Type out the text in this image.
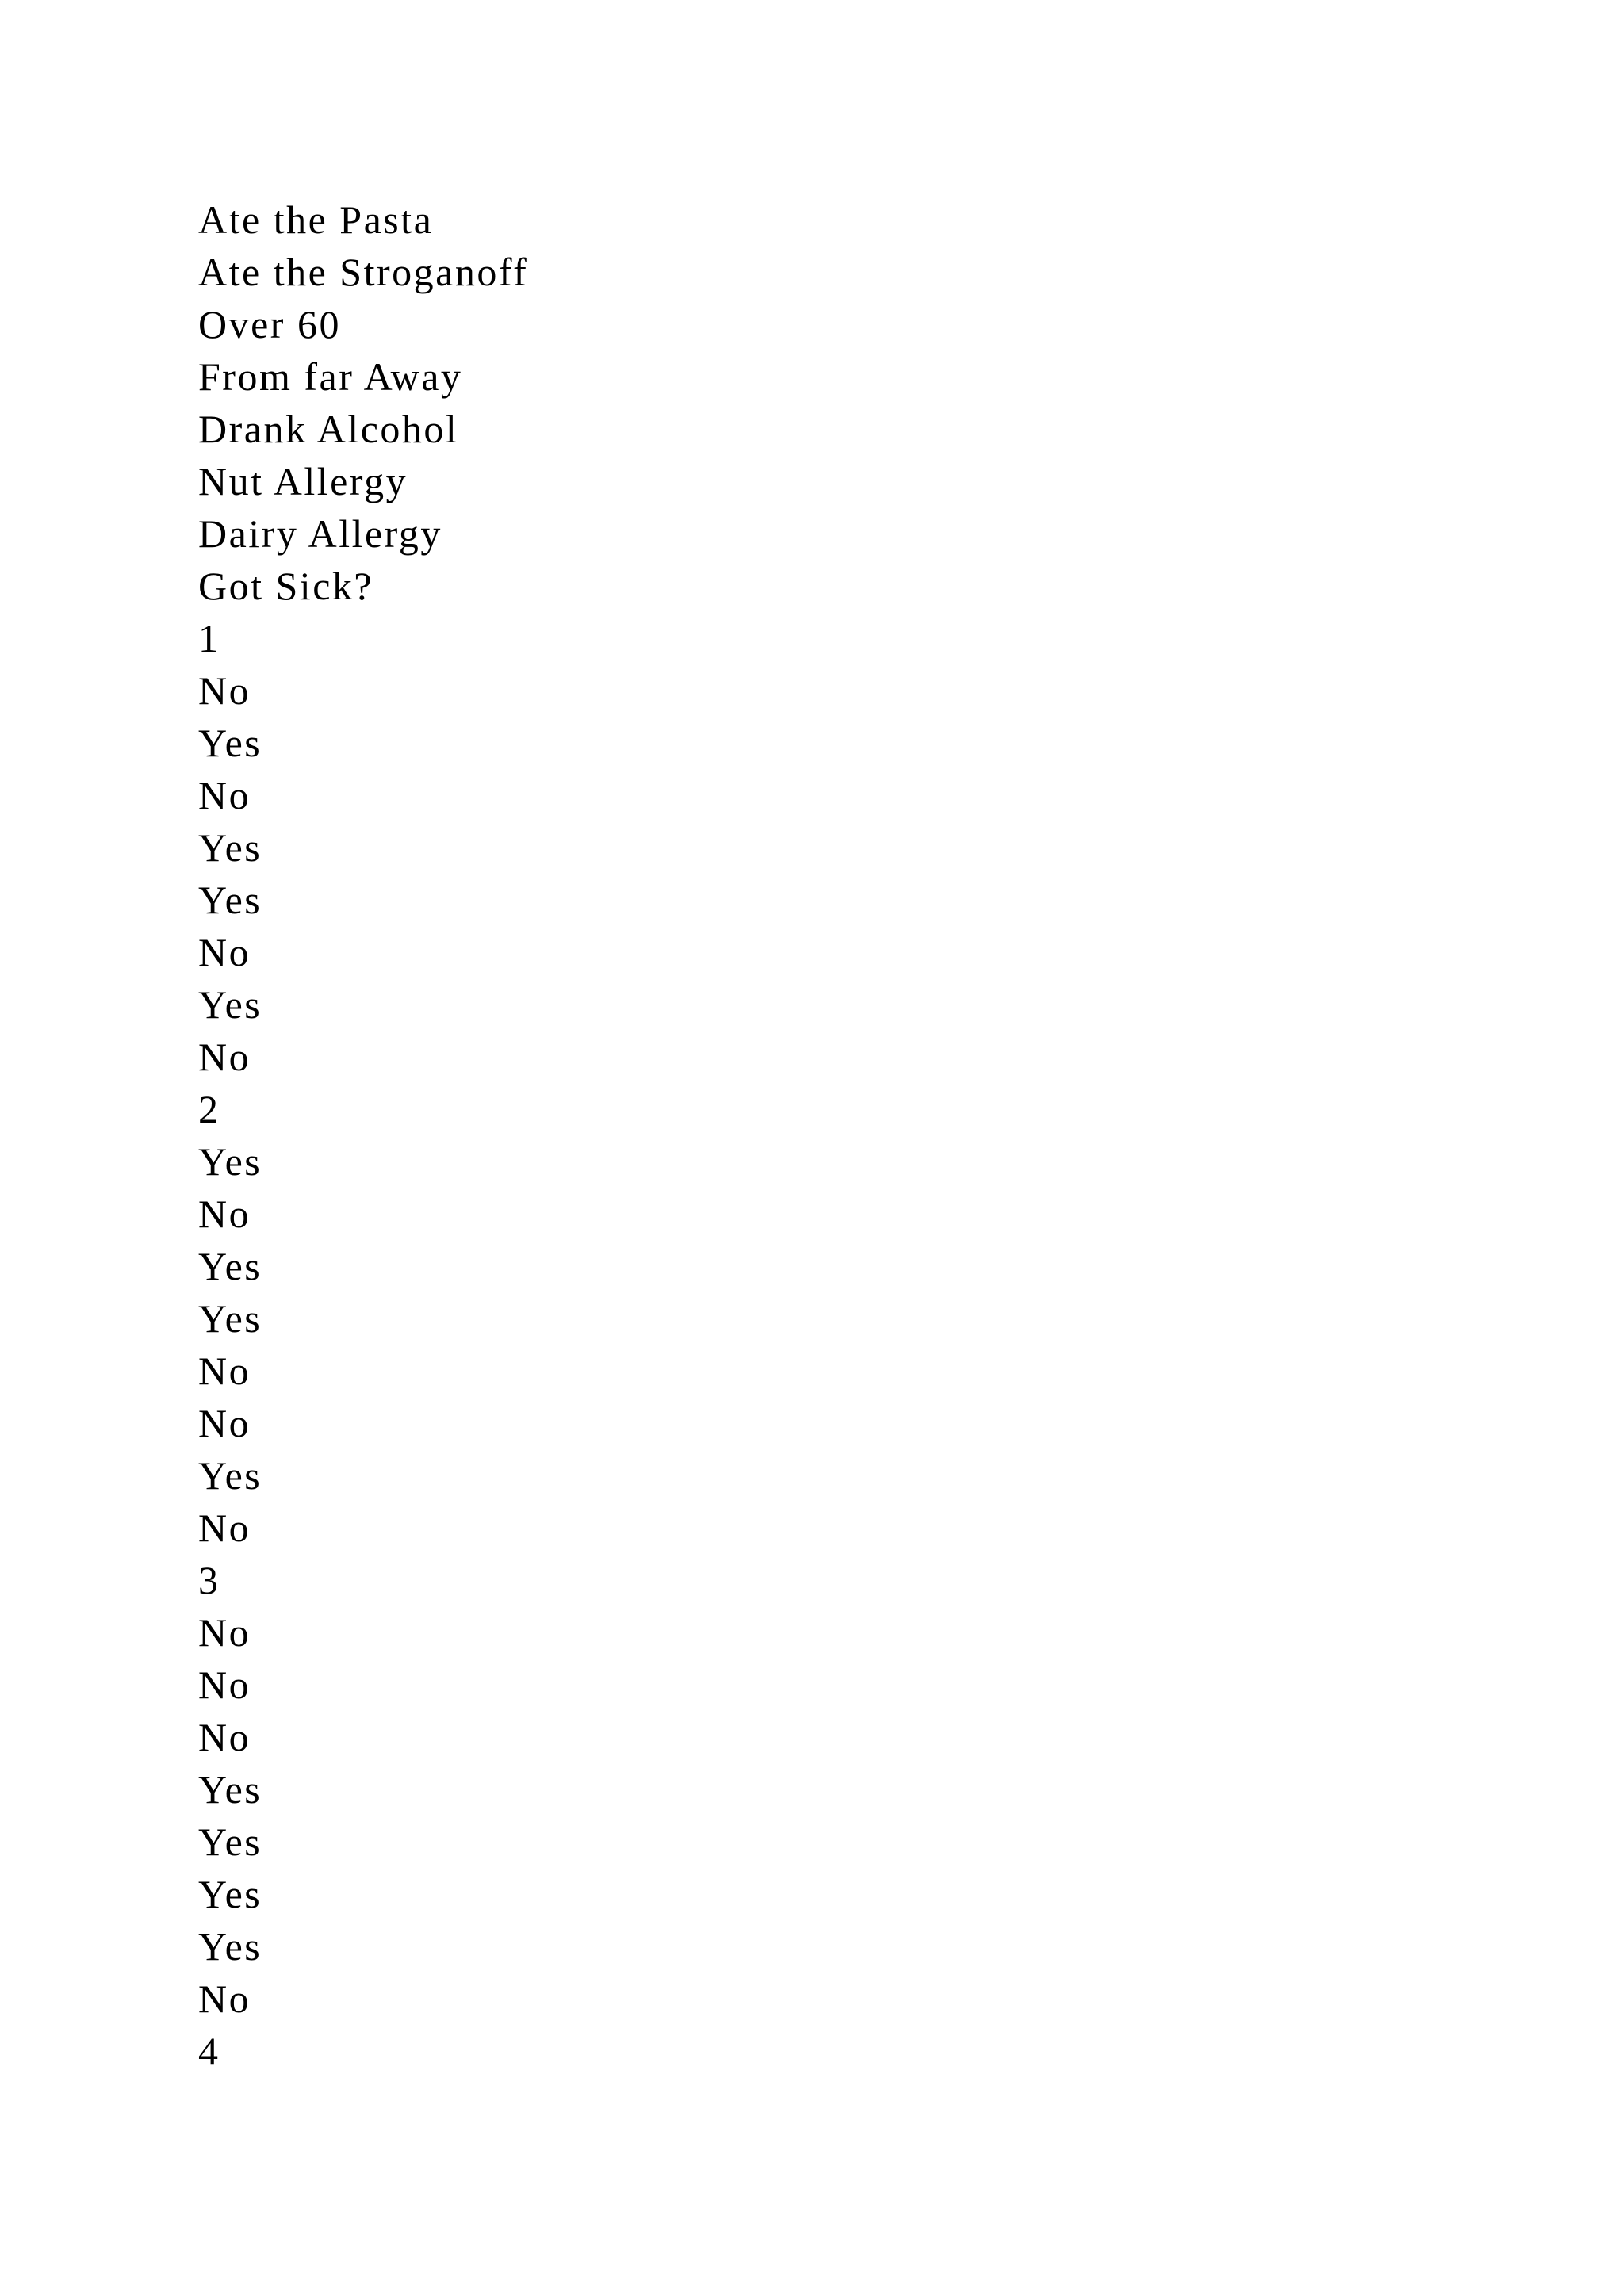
Ate the Pasta
Ate the Stroganoff
Over 60
From far Away
Drank Alcohol
Nut Allergy
Dairy Allergy
Got Sick?
1
No
Yes
No
Yes
Yes
No
Yes
No
2
Yes
No
Yes
Yes
No
No
Yes
No
3
No
No
No
Yes
Yes
Yes
Yes
No
4
